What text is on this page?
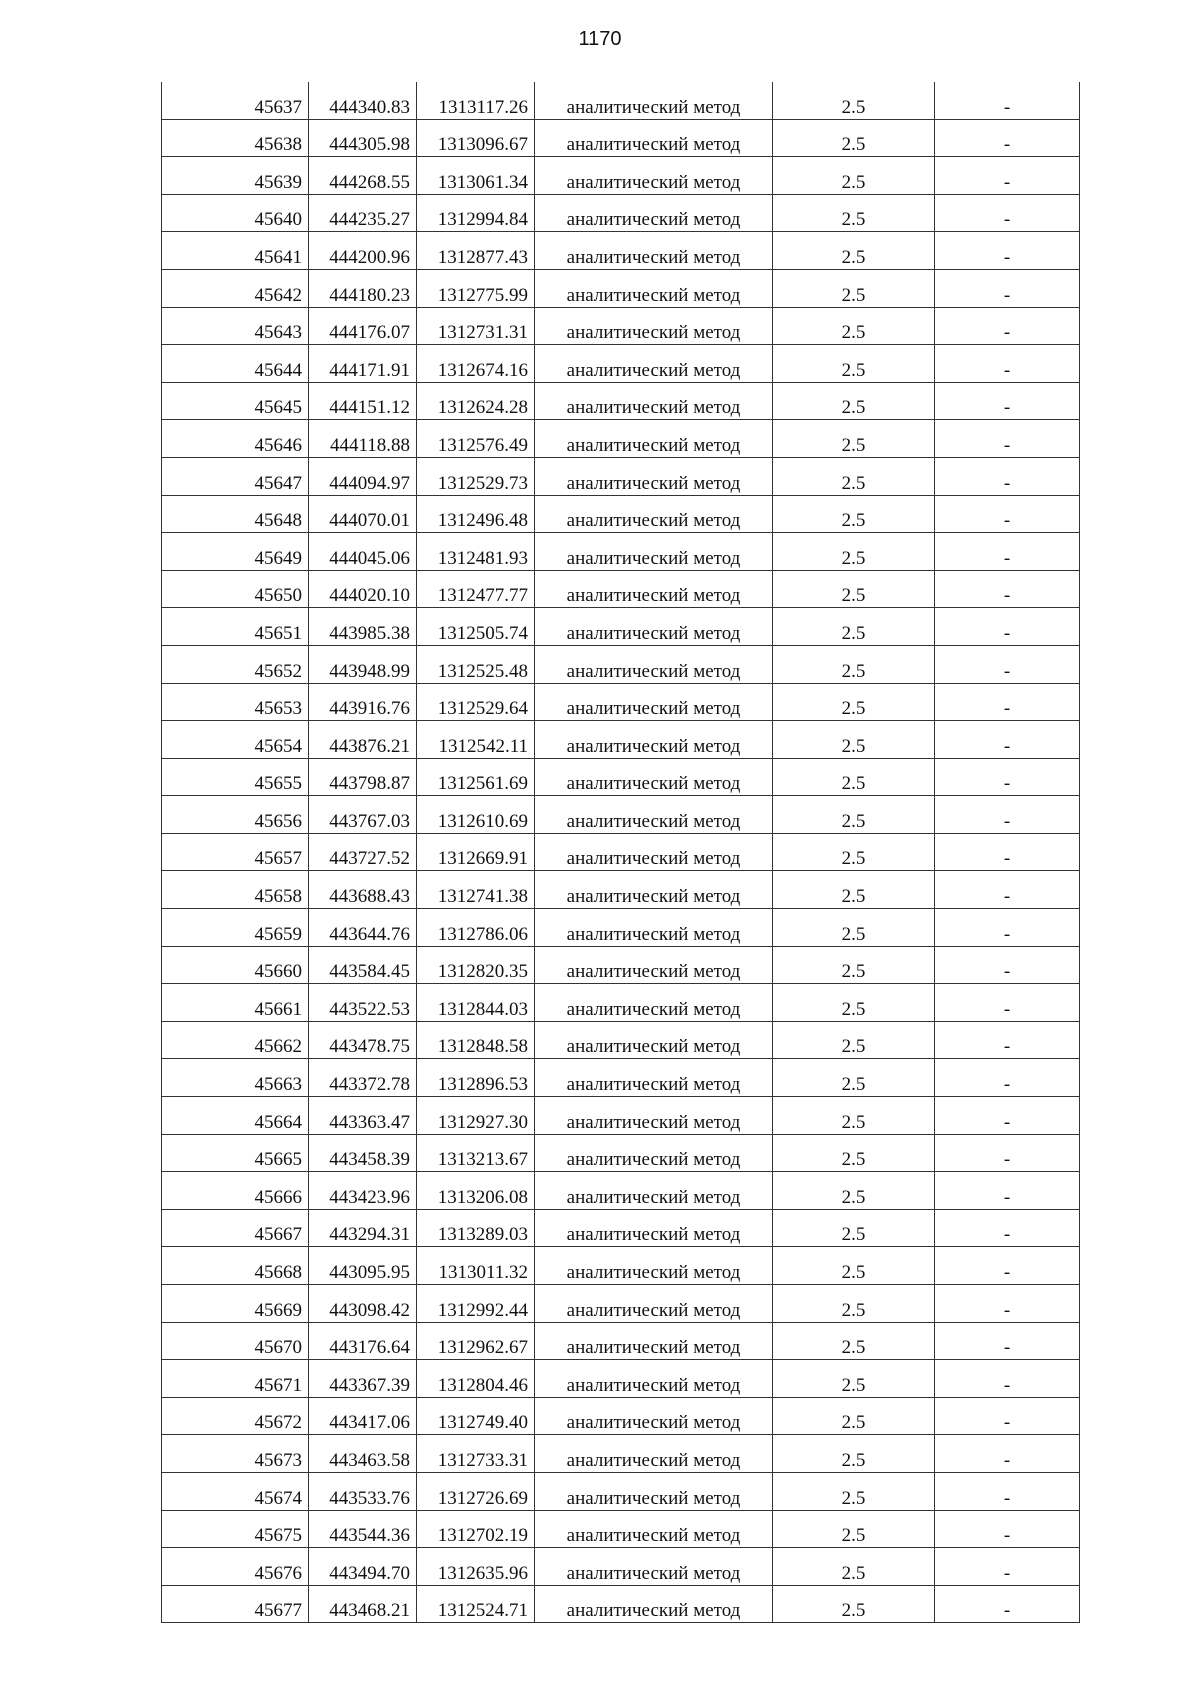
1170
45637	444340.83	1313117.26	аналитический метод	2.5	-

45638	444305.98	1313096.67	аналитический метод	2.5	-

45639	444268.55	1313061.34	аналитический метод	2.5	-

45640	444235.27	1312994.84	аналитический метод	2.5	-

45641	444200.96	1312877.43	аналитический метод	2.5	-

45642	444180.23	1312775.99	аналитический метод	2.5	-

45643	444176.07	1312731.31	аналитический метод	2.5	-

45644	444171.91	1312674.16	аналитический метод	2.5	-

45645	444151.12	1312624.28	аналитический метод	2.5	-

45646	444118.88	1312576.49	аналитический метод	2.5	-

45647	444094.97	1312529.73	аналитический метод	2.5	-

45648	444070.01	1312496.48	аналитический метод	2.5	-

45649	444045.06	1312481.93	аналитический метод	2.5	-

45650	444020.10	1312477.77	аналитический метод	2.5	-

45651	443985.38	1312505.74	аналитический метод	2.5	-

45652	443948.99	1312525.48	аналитический метод	2.5	-

45653	443916.76	1312529.64	аналитический метод	2.5	-

45654	443876.21	1312542.11	аналитический метод	2.5	-

45655	443798.87	1312561.69	аналитический метод	2.5	-

45656	443767.03	1312610.69	аналитический метод	2.5	-

45657	443727.52	1312669.91	аналитический метод	2.5	-

45658	443688.43	1312741.38	аналитический метод	2.5	-

45659	443644.76	1312786.06	аналитический метод	2.5	-

45660	443584.45	1312820.35	аналитический метод	2.5	-

45661	443522.53	1312844.03	аналитический метод	2.5	-

45662	443478.75	1312848.58	аналитический метод	2.5	-

45663	443372.78	1312896.53	аналитический метод	2.5	-

45664	443363.47	1312927.30	аналитический метод	2.5	-

45665	443458.39	1313213.67	аналитический метод	2.5	-

45666	443423.96	1313206.08	аналитический метод	2.5	-

45667	443294.31	1313289.03	аналитический метод	2.5	-

45668	443095.95	1313011.32	аналитический метод	2.5	-

45669	443098.42	1312992.44	аналитический метод	2.5	-

45670	443176.64	1312962.67	аналитический метод	2.5	-

45671	443367.39	1312804.46	аналитический метод	2.5	-

45672	443417.06	1312749.40	аналитический метод	2.5	-

45673	443463.58	1312733.31	аналитический метод	2.5	-

45674	443533.76	1312726.69	аналитический метод	2.5	-

45675	443544.36	1312702.19	аналитический метод	2.5	-

45676	443494.70	1312635.96	аналитический метод	2.5	-

45677	443468.21	1312524.71	аналитический метод	2.5	-
